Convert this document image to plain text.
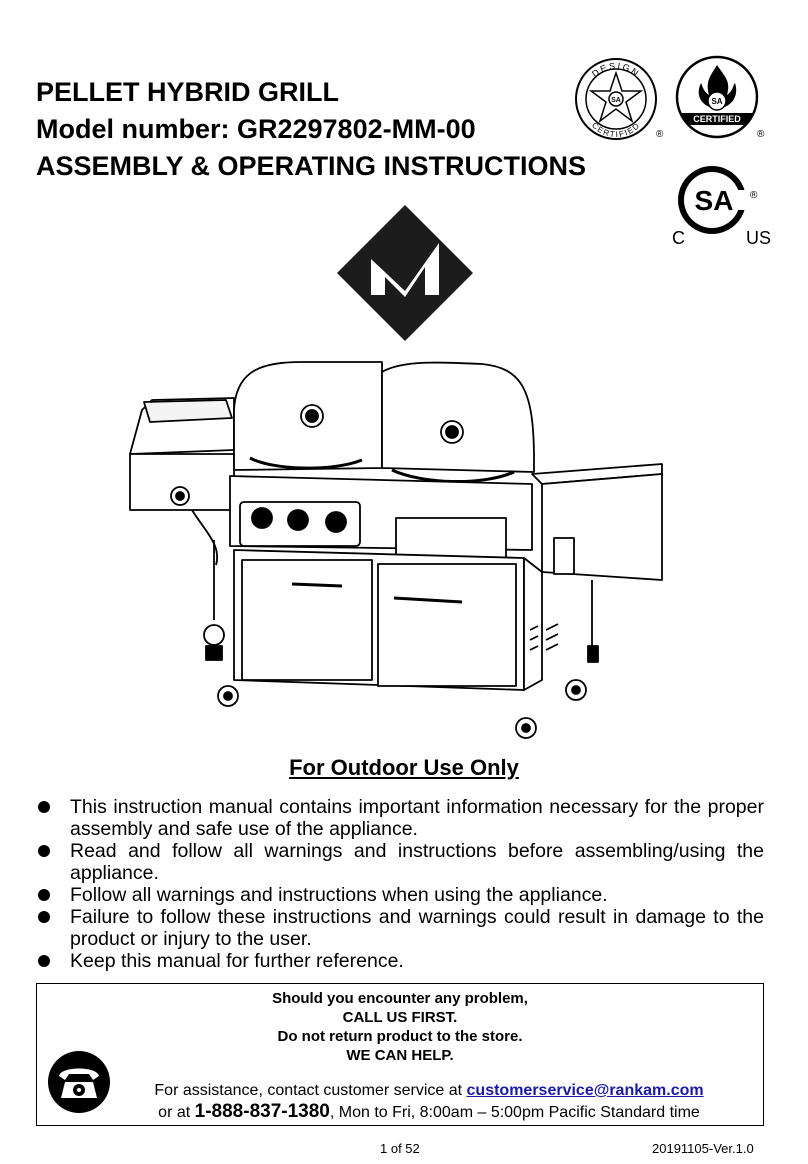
PELLET HYBRID GRILL

Model number: GR2297802-MM-00

ASSEMBLY & OPERATING INSTRUCTIONS

SA
DESIGN
CERTIFIED
®
SA
CERTIFIED
®
SA ®
C	US
For Outdoor Use Only
This instruction manual contains important information necessary for the proper assembly and safe use of the appliance.
Read and follow all warnings and instructions before assembling/using the appliance.
Follow all warnings and instructions when using the appliance.
Failure to follow these instructions and warnings could result in damage to the product or injury to the user.
Keep this manual for further reference.
Should you encounter any problem,
CALL US FIRST.
Do not return product to the store.
WE CAN HELP.
For assistance, contact customer service at customerservice@rankam.com
or at 1-888-837-1380, Mon to Fri, 8:00am – 5:00pm Pacific Standard time
1 of 52	20191105-Ver.1.0
